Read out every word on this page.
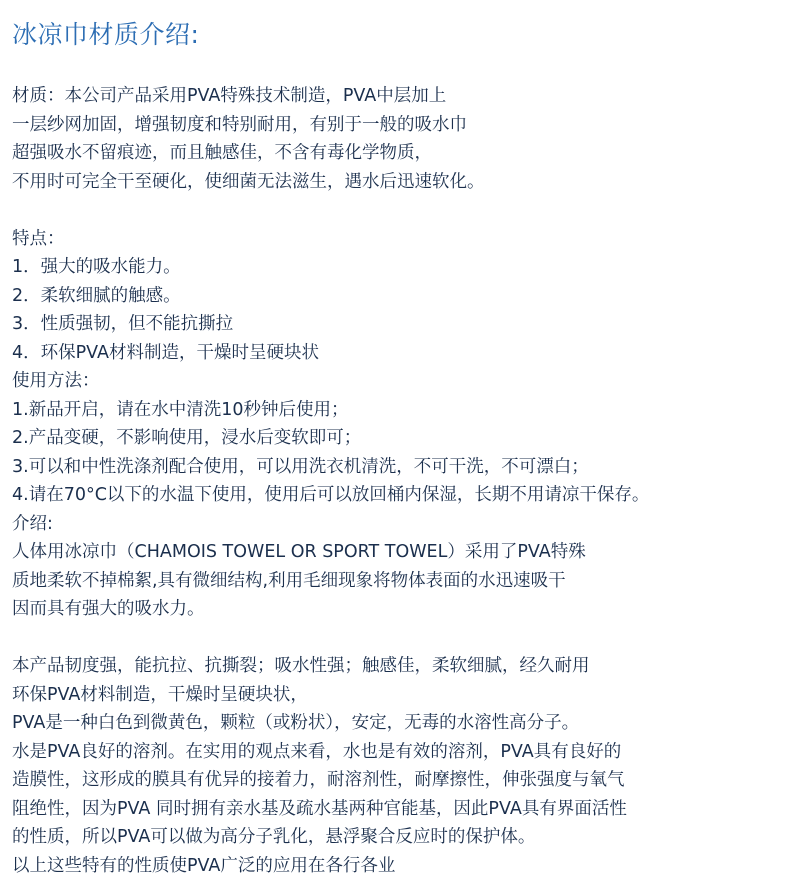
冰凉巾材质介绍:
材质：本公司产品采用PVA特殊技术制造，PVA中层加上
一层纱网加固，增强韧度和特别耐用，有别于一般的吸水巾
超强吸水不留痕迹，而且触感佳，不含有毒化学物质，
不用时可完全干至硬化，使细菌无法滋生，遇水后迅速软化。
特点：
1．强大的吸水能力。
2．柔软细腻的触感。
3．性质强韧，但不能抗撕拉
4．环保PVA材料制造，干燥时呈硬块状
使用方法：
1.新品开启，请在水中清洗10秒钟后使用；
2.产品变硬，不影响使用，浸水后变软即可；
3.可以和中性洗涤剂配合使用，可以用洗衣机清洗，不可干洗，不可漂白；
4.请在70°C以下的水温下使用，使用后可以放回桶内保湿，长期不用请凉干保存。
介绍:
人体用冰凉巾（CHAMOIS TOWEL OR SPORT TOWEL）采用了PVA特殊
质地柔软不掉棉絮,具有微细结构,利用毛细现象将物体表面的水迅速吸干
因而具有强大的吸水力。
本产品韧度强，能抗拉、抗撕裂；吸水性强；触感佳，柔软细腻，经久耐用
环保PVA材料制造，干燥时呈硬块状，
PVA是一种白色到微黄色，颗粒（或粉状），安定，无毒的水溶性高分子。
水是PVA良好的溶剂。在实用的观点来看，水也是有效的溶剂，PVA具有良好的
造膜性，这形成的膜具有优异的接着力，耐溶剂性，耐摩擦性，伸张强度与氧气
阻绝性，因为PVA 同时拥有亲水基及疏水基两种官能基，因此PVA具有界面活性
的性质，所以PVA可以做为高分子乳化，悬浮聚合反应时的保护体。
以上这些特有的性质使PVA广泛的应用在各行各业
